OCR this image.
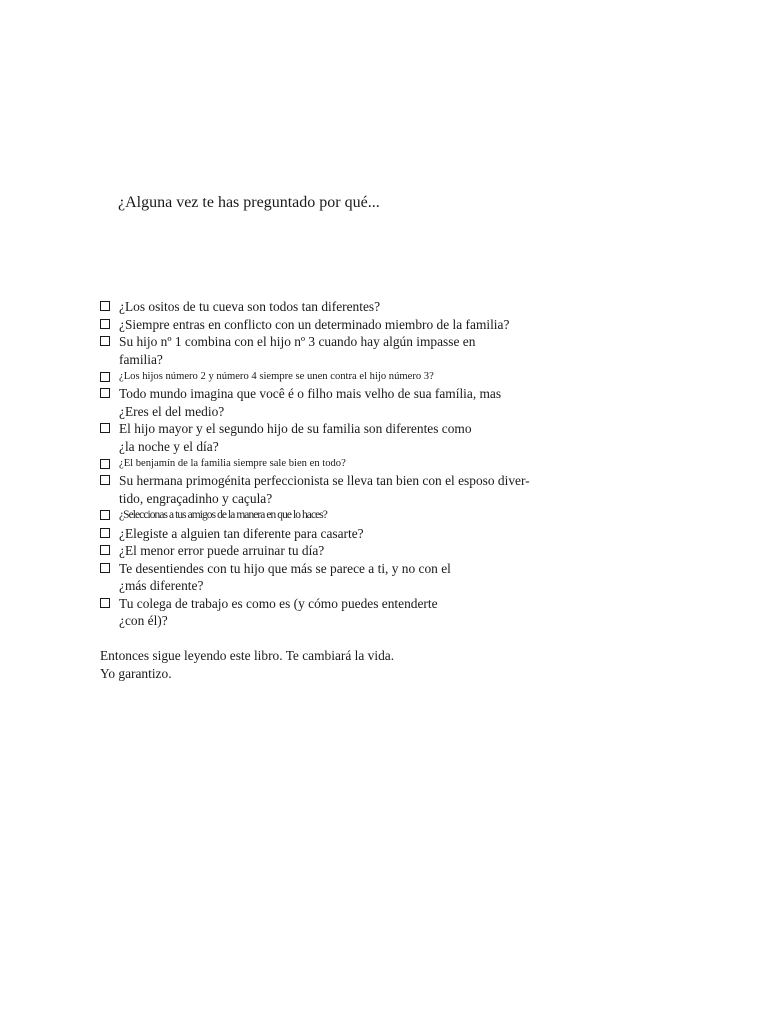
¿Alguna vez te has preguntado por qué...
¿Los ositos de tu cueva son todos tan diferentes?
¿Siempre entras en conflicto con un determinado miembro de la familia?
Su hijo nº 1 combina con el hijo nº 3 cuando hay algún impasse en
familia?
¿Los hijos número 2 y número 4 siempre se unen contra el hijo número 3?
Todo mundo imagina que você é o filho mais velho de sua família, mas
¿Eres el del medio?
El hijo mayor y el segundo hijo de su familia son diferentes como
¿la noche y el día?
¿El benjamín de la familia siempre sale bien en todo?
Su hermana primogénita perfeccionista se lleva tan bien con el esposo diver-
tido, engraçadinho y caçula?
¿Seleccionas a tus amigos de la manera en que lo haces?
¿Elegiste a alguien tan diferente para casarte?
¿El menor error puede arruinar tu día?
Te desentiendes con tu hijo que más se parece a ti, y no con el
¿más diferente?
Tu colega de trabajo es como es (y cómo puedes entenderte
¿con él)?
Entonces sigue leyendo este libro. Te cambiará la vida.
Yo garantizo.
